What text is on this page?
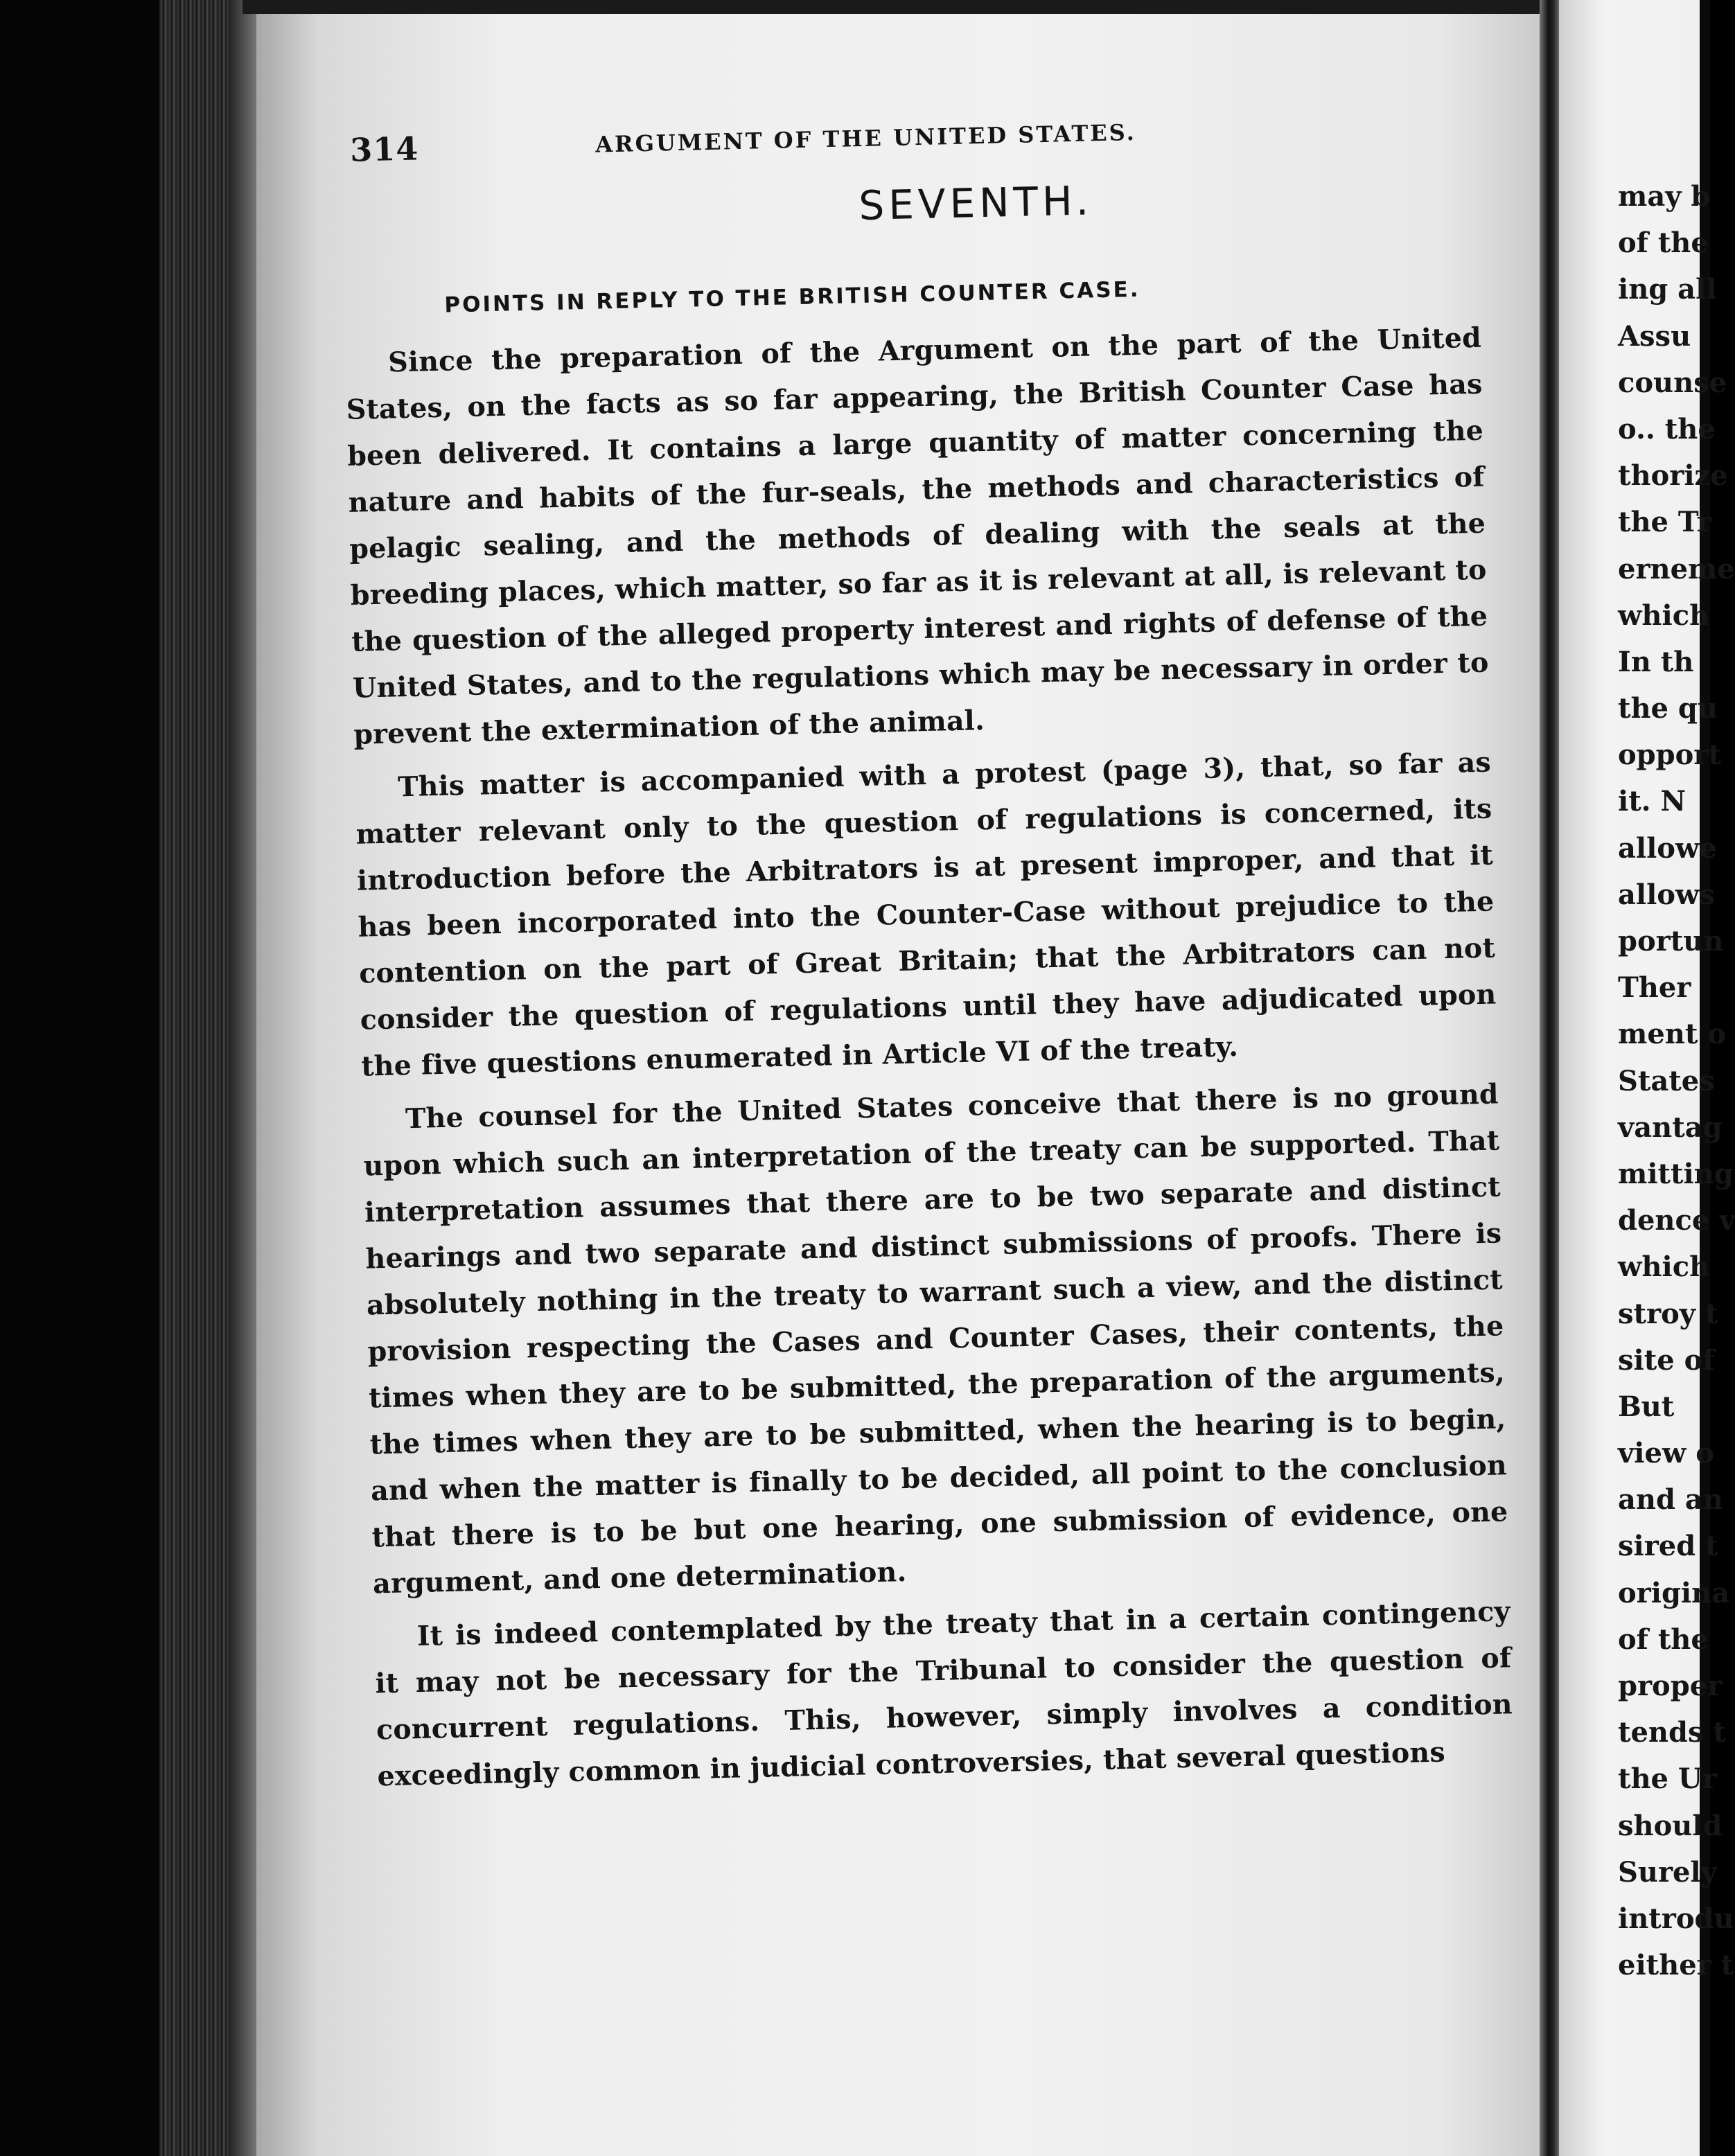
314	ARGUMENT OF THE UNITED STATES.
SEVENTH.
POINTS IN REPLY TO THE BRITISH COUNTER CASE.

Since the preparation of the Argument on the part of the United States, on the facts as so far appearing, the British Counter Case has been delivered. It contains a large quantity of matter concerning the nature and habits of the fur-seals, the methods and characteristics of pelagic sealing, and the methods of dealing with the seals at the breeding places, which matter, so far as it is relevant at all, is relevant to the question of the alleged property interest and rights of defense of the United States, and to the regulations which may be necessary in order to prevent the extermination of the animal.

This matter is accompanied with a protest (page 3), that, so far as matter relevant only to the question of regulations is concerned, its introduction before the Arbitrators is at present improper, and that it has been incorporated into the Counter-Case without prejudice to the contention on the part of Great Britain; that the Arbitrators can not consider the question of regulations until they have adjudicated upon the five questions enumerated in Article VI of the treaty.

The counsel for the United States conceive that there is no ground upon which such an interpretation of the treaty can be supported. That interpretation assumes that there are to be two separate and distinct hearings and two separate and distinct submissions of proofs. There is absolutely nothing in the treaty to warrant such a view, and the distinct provision respecting the Cases and Counter Cases, their contents, the times when they are to be submitted, the preparation of the arguments, the times when they are to be submitted, when the hearing is to begin, and when the matter is finally to be decided, all point to the conclusion that there is to be but one hearing, one submission of evidence, one argument, and one determination.

It is indeed contemplated by the treaty that in a certain contingency it may not be necessary for the Tribunal to consider the question of concurrent regulations. This, however, simply involves a condition exceedingly common in judicial controversies, that several questions

may b
of the
ing all
Assu
counse
o.. the
thorize
the Tr
erneme
which
In th
the qu
opport
it. N
allowe
allows
portun
Ther
ment o
States
vantag
mitting
dence v
which
stroy t
site of
But
view o
and an
sired t
origina
of the
proper
tends t
the Ur
should
Surely
introdu
either t
